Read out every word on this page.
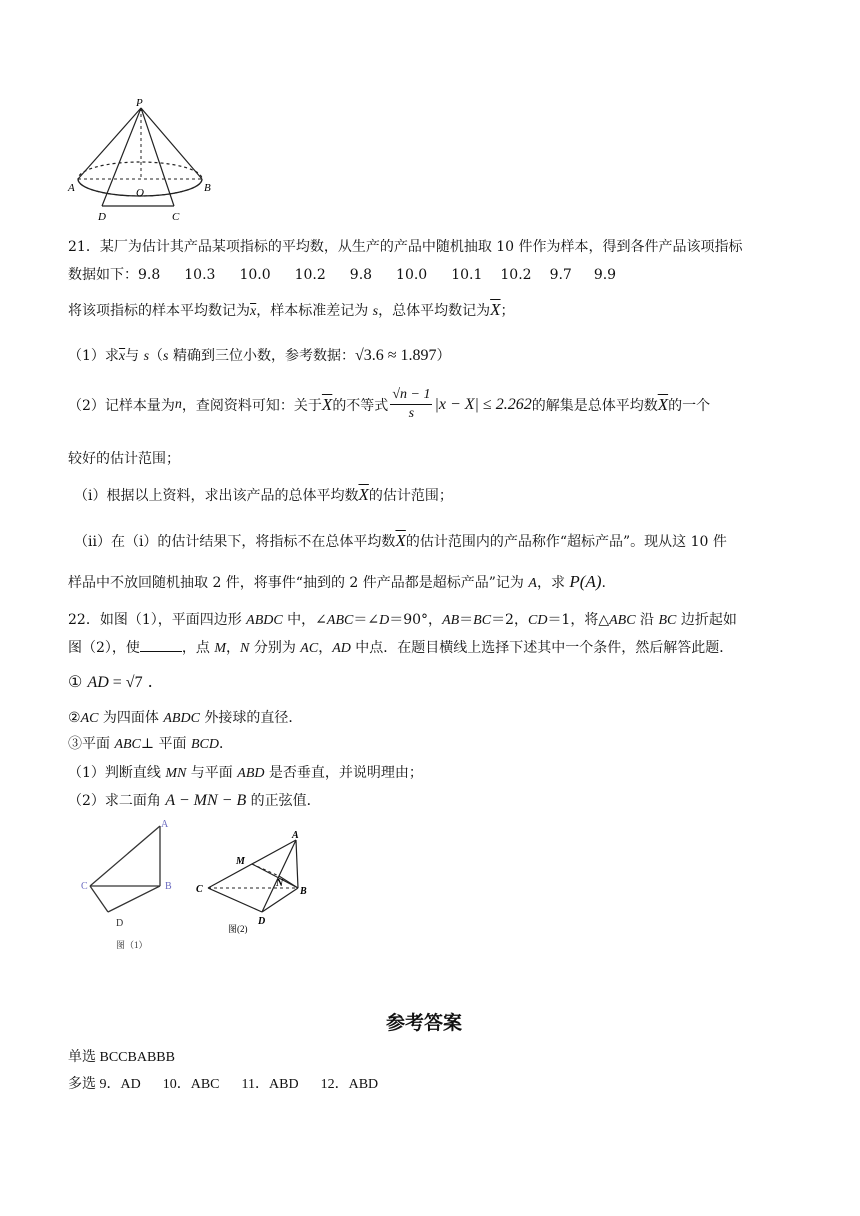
P
A	O	B
D	C
21．某厂为估计其产品某项指标的平均数，从生产的产品中随机抽取 10 件作为样本，得到各件产品该项指标
数据如下：9.8 10.3 10.0 10.2 9.8 10.0 10.1 10.2 9.7 9.9
将该项指标的样本平均数记为$\overline{x}$，样本标准差记为 s，总体平均数记为$\overline{X}$；
（1）求$\overline{x}$与 s（s 精确到三位小数，参考数据：√3.6 ≈ 1.897）
（2）记样本量为 n ，查阅资料可知：关于 $\overline{X}$ 的不等式 $\frac{√n - 1}{s} |x - X| \le 2.262$ 的解集是总体平均数 $\overline{X}$ 的一个
较好的估计范围；
（i）根据以上资料，求出该产品的总体平均数$\overline{X}$的估计范围；
（ii）在（i）的估计结果下，将指标不在总体平均数$\overline{X}$的估计范围内的产品称作“超标产品”。现从这 10 件
样品中不放回随机抽取 2 件，将事件“抽到的 2 件产品都是超标产品”记为 A，求 P(A).
22．如图（1），平面四边形 ABDC 中，∠ABC＝∠D＝90°，AB＝BC＝2，CD＝1，将△ABC 沿 BC 边折起如
图（2），使	，点 M，N 分别为 AC，AD 中点．在题目横线上选择下述其中一个条件，然后解答此题．
① AD = √7 .
②AC 为四面体 ABDC 外接球的直径．
③平面 ABC⊥ 平面 BCD．
（1）判断直线 MN 与平面 ABD 是否垂直，并说明理由；
（2）求二面角 A − MN − B 的正弦值．
A
C	B
D
图（1）
A
M
C
N
B
D
图(2)
参考答案
单选 BCCBABBB
多选 9．AD 10．ABC 11．ABD 12．ABD
